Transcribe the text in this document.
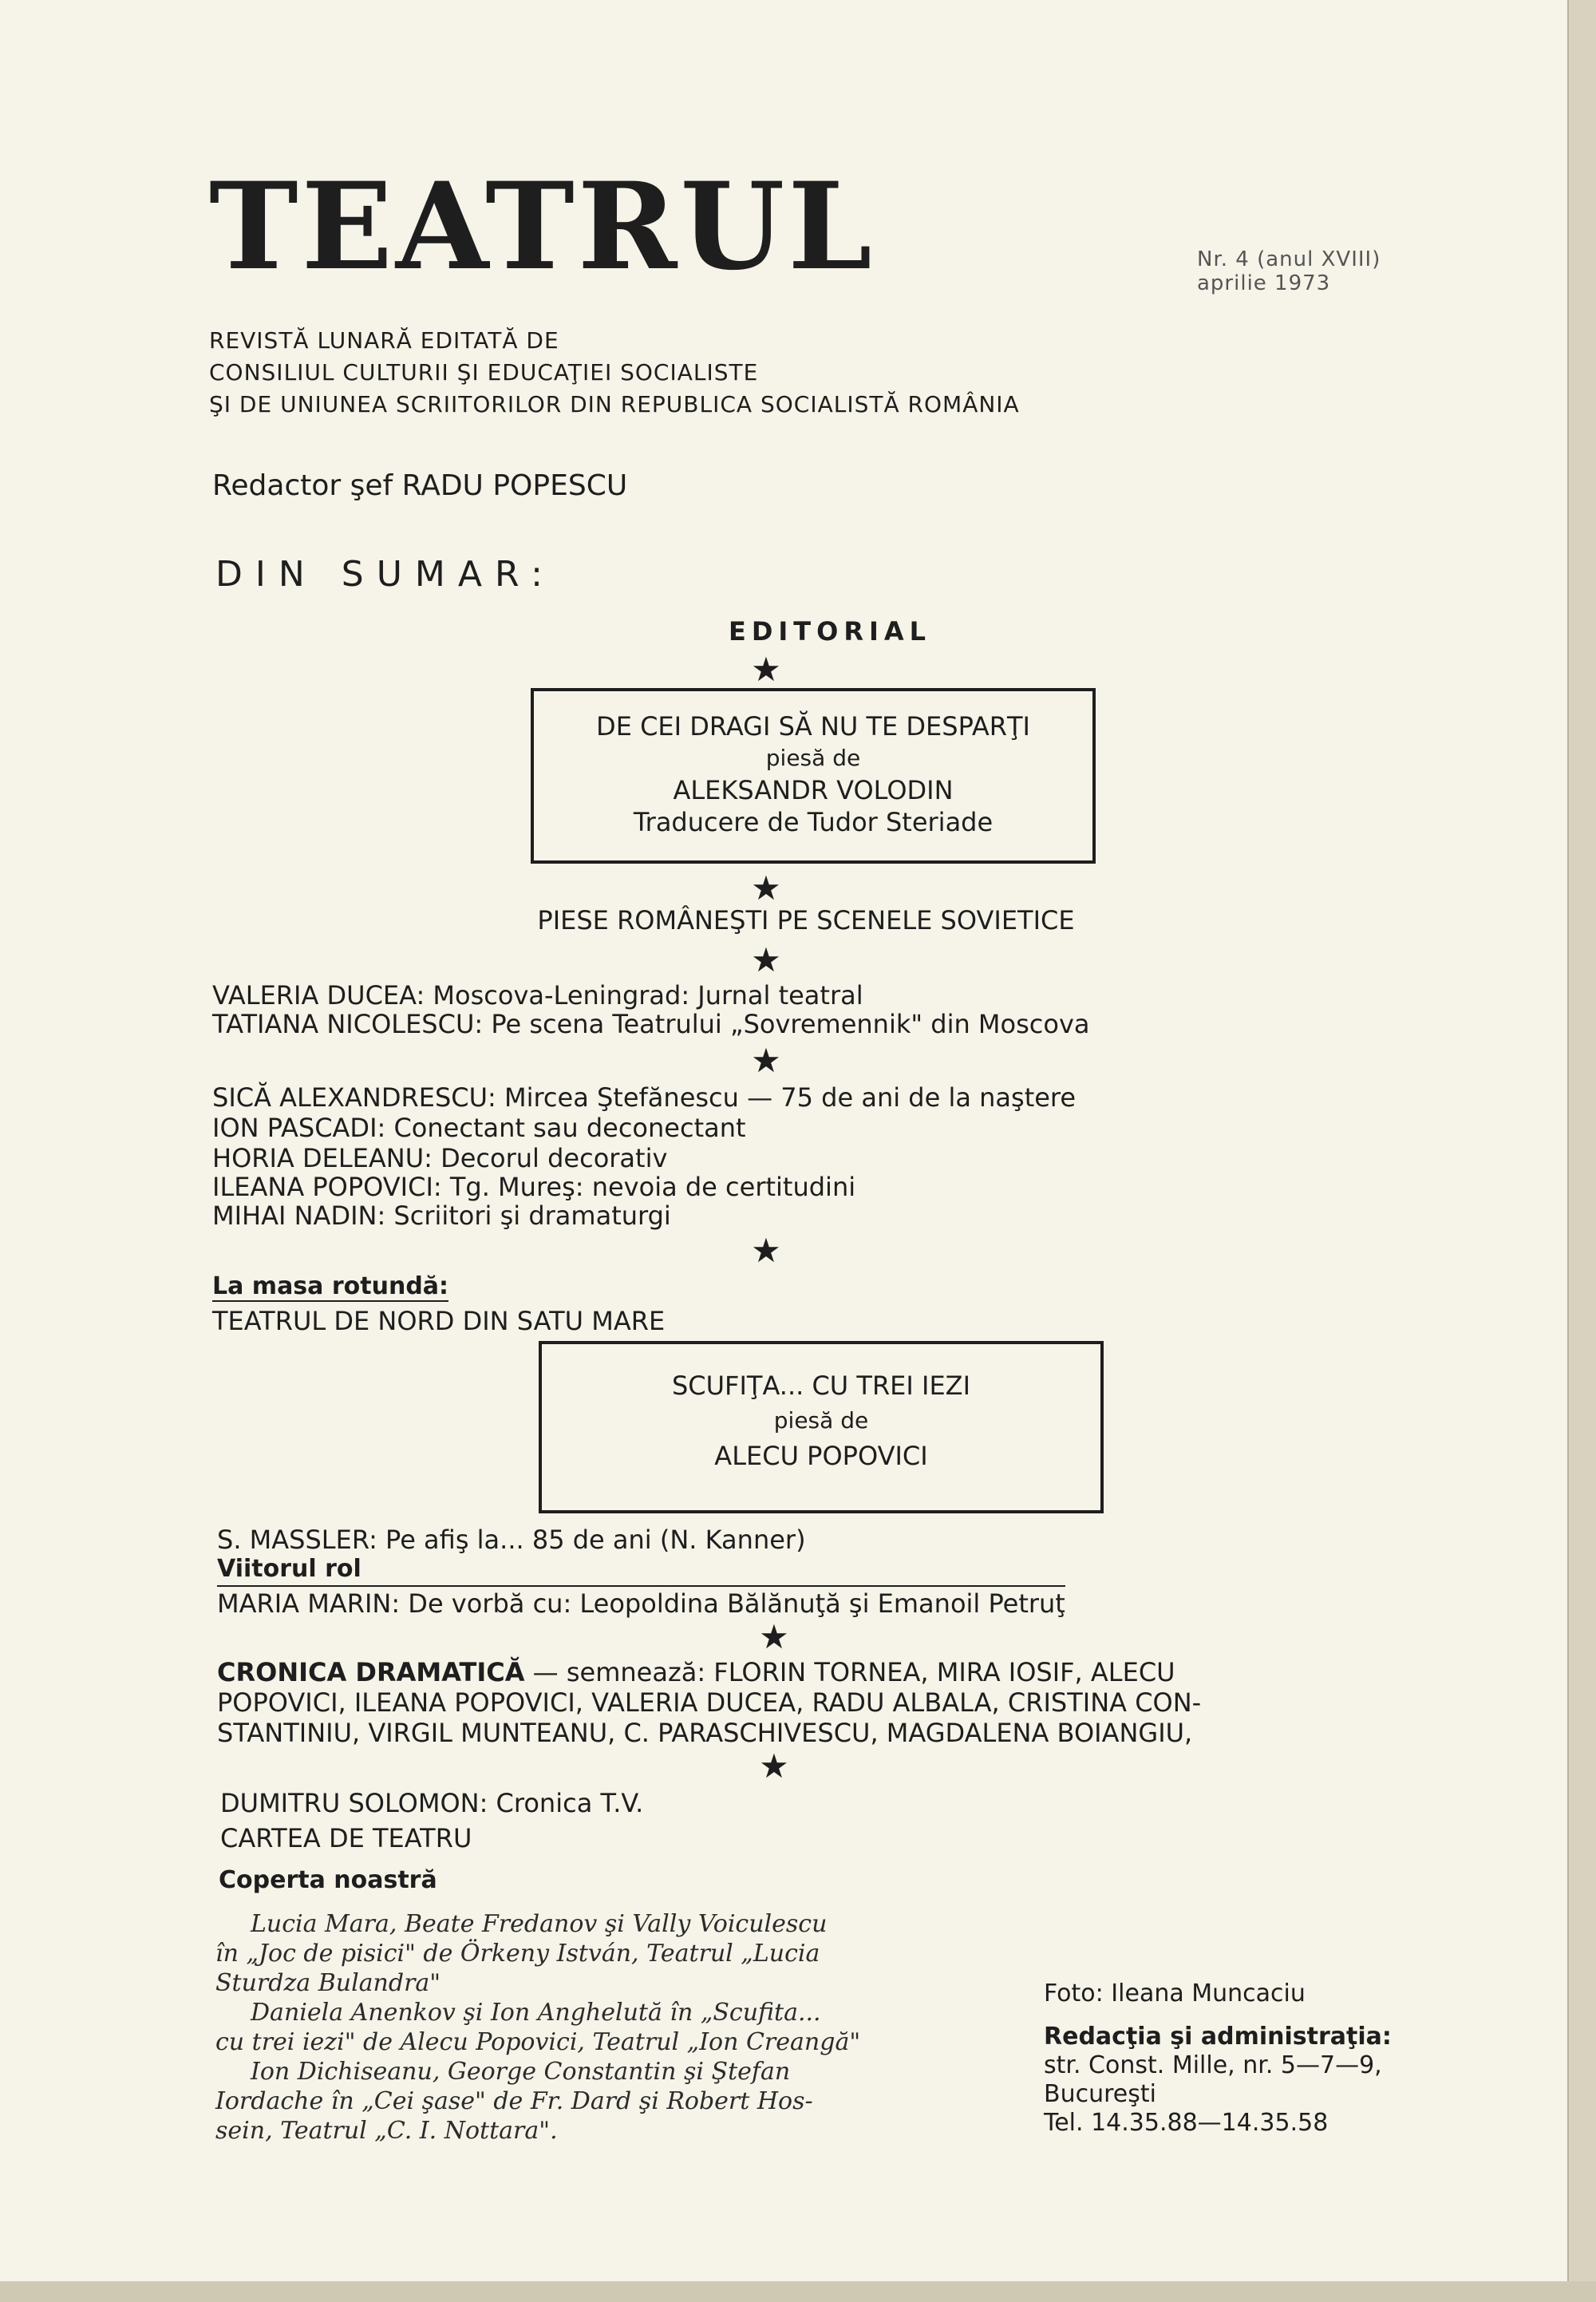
TEATRUL	Nr. 4 (anul XVIII)
aprilie 1973
REVISTĂ LUNARĂ EDITATĂ DE
CONSILIUL CULTURII ŞI EDUCAŢIEI SOCIALISTE
ŞI DE UNIUNEA SCRIITORILOR DIN REPUBLICA SOCIALISTĂ ROMÂNIA
Redactor şef RADU POPESCU
DIN SUMAR:
EDITORIAL
★
DE CEI DRAGI SĂ NU TE DESPARŢI
piesă de
ALEKSANDR VOLODIN
Traducere de Tudor Steriade
★
PIESE ROMÂNEŞTI PE SCENELE SOVIETICE
★
VALERIA DUCEA: Moscova-Leningrad: Jurnal teatral
TATIANA NICOLESCU: Pe scena Teatrului „Sovremennik" din Moscova
★
SICĂ ALEXANDRESCU: Mircea Ştefănescu — 75 de ani de la naştere
ION PASCADI: Conectant sau deconectant
HORIA DELEANU: Decorul decorativ
ILEANA POPOVICI: Tg. Mureş: nevoia de certitudini
MIHAI NADIN: Scriitori şi dramaturgi
★
La masa rotundă:
TEATRUL DE NORD DIN SATU MARE
SCUFIŢA... CU TREI IEZI
piesă de
ALECU POPOVICI
S. MASSLER: Pe afiş la... 85 de ani (N. Kanner)
Viitorul rol
MARIA MARIN: De vorbă cu: Leopoldina Bălănuţă şi Emanoil Petruţ
★
CRONICA DRAMATICĂ — semnează: FLORIN TORNEA, MIRA IOSIF, ALECU
POPOVICI, ILEANA POPOVICI, VALERIA DUCEA, RADU ALBALA, CRISTINA CON-
STANTINIU, VIRGIL MUNTEANU, C. PARASCHIVESCU, MAGDALENA BOIANGIU,
★
DUMITRU SOLOMON: Cronica T.V.
CARTEA DE TEATRU
Coperta noastră
Lucia Mara, Beate Fredanov şi Vally Voiculescu
în „Joc de pisici" de Örkeny István, Teatrul „Lucia
Sturdza Bulandra"
Daniela Anenkov şi Ion Anghelută în „Scufita...
cu trei iezi" de Alecu Popovici, Teatrul „Ion Creangă"
Ion Dichiseanu, George Constantin şi Ştefan
Iordache în „Cei şase" de Fr. Dard şi Robert Hos-
sein, Teatrul „C. I. Nottara".
Foto: Ileana Muncaciu
Redacţia şi administraţia:
str. Const. Mille, nr. 5—7—9,
Bucureşti
Tel. 14.35.88—14.35.58
